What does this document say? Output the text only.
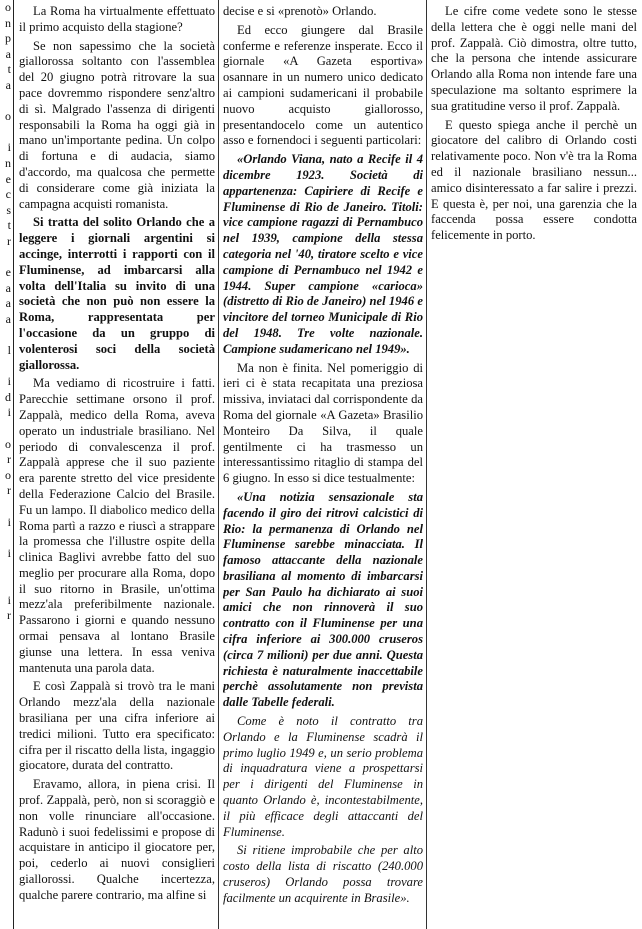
o
n
p
a
t
a
o
i
n
e
c
s
t
r
e
a
a
a
l
i
d
i
o
r
o
r
i
i
i
r

La Roma ha virtualmente effettuato il primo acquisto della stagione?

Se non sapessimo che la società giallorossa soltanto con l'assemblea del 20 giugno potrà ritrovare la sua pace dovremmo rispondere senz'altro di sì. Malgrado l'assenza di dirigenti responsabili la Roma ha oggi già in mano un'importante pedina. Un colpo di fortuna e di audacia, siamo d'accordo, ma qualcosa che permette di considerare come già iniziata la campagna acquisti romanista.

Si tratta del solito Orlando che a leggere i giornali argentini si accinge, interrotti i rapporti con il Fluminense, ad imbarcarsi alla volta dell'Italia su invito di una società che non può non essere la Roma, rappresentata per l'occasione da un gruppo di volenterosi soci della società giallorossa.

Ma vediamo di ricostruire i fatti. Parecchie settimane orsono il prof. Zappalà, medico della Roma, aveva operato un industriale brasiliano. Nel periodo di convalescenza il prof. Zappalà apprese che il suo paziente era parente stretto del vice presidente della Federazione Calcio del Brasile. Fu un lampo. Il diabolico medico della Roma partì a razzo e riuscì a strappare la promessa che l'illustre ospite della clinica Baglivi avrebbe fatto del suo meglio per procurare alla Roma, dopo il suo ritorno in Brasile, un'ottima mezz'ala preferibilmente nazionale. Passarono i giorni e quando nessuno ormai pensava al lontano Brasile giunse una lettera. In essa veniva mantenuta una parola data.

E così Zappalà si trovò tra le mani Orlando mezz'ala della nazionale brasiliana per una cifra inferiore ai tredici milioni. Tutto era specificato: cifra per il riscatto della lista, ingaggio giocatore, durata del contratto.

Eravamo, allora, in piena crisi. Il prof. Zappalà, però, non si scoraggiò e non volle rinunciare all'occasione. Radunò i suoi fedelissimi e propose di acquistare in anticipo il giocatore per, poi, cederlo ai nuovi consiglieri giallorossi. Qualche incertezza, qualche parere contrario, ma alfine si

decise e si «prenotò» Orlando.

Ed ecco giungere dal Brasile conferme e referenze insperate. Ecco il giornale «A Gazeta esportiva» osannare in un numero unico dedicato ai campioni sudamericani il probabile nuovo acquisto giallorosso, presentandocelo come un autentico asso e fornendoci i seguenti particolari:

«Orlando Viana, nato a Recife il 4 dicembre 1923. Società di appartenenza: Capiriere di Recife e Fluminense di Rio de Janeiro. Titoli: vice campione ragazzi di Pernambuco nel 1939, campione della stessa categoria nel '40, tiratore scelto e vice campione di Pernambuco nel 1942 e 1944. Super campione «carioca» (distretto di Rio de Janeiro) nel 1946 e vincitore del torneo Municipale di Rio del 1948. Tre volte nazionale. Campione sudamericano nel 1949».

Ma non è finita. Nel pomeriggio di ieri ci è stata recapitata una preziosa missiva, inviataci dal corrispondente da Roma del giornale «A Gazeta» Brasilio Monteiro Da Silva, il quale gentilmente ci ha trasmesso un interessantissimo ritaglio di stampa del 6 giugno. In esso si dice testualmente:

«Una notizia sensazionale sta facendo il giro dei ritrovi calcistici di Rio: la permanenza di Orlando nel Fluminense sarebbe minacciata. Il famoso attaccante della nazionale brasiliana al momento di imbarcarsi per San Paulo ha dichiarato ai suoi amici che non rinnoverà il suo contratto con il Fluminense per una cifra inferiore ai 300.000 cruseros (circa 7 milioni) per due anni. Questa richiesta è naturalmente inaccettabile perchè assolutamente non prevista dalle Tabelle federali.

Come è noto il contratto tra Orlando e la Fluminense scadrà il primo luglio 1949 e, un serio problema di inquadratura viene a prospettarsi per i dirigenti del Fluminense in quanto Orlando è, incontestabilmente, il più efficace degli attaccanti del Fluminense.

Si ritiene improbabile che per alto costo della lista di riscatto (240.000 cruseros) Orlando possa trovare facilmente un acquirente in Brasile».

Le cifre come vedete sono le stesse della lettera che è oggi nelle mani del prof. Zappalà. Ciò dimostra, oltre tutto, che la persona che intende assicurare Orlando alla Roma non intende fare una speculazione ma soltanto esprimere la sua gratitudine verso il prof. Zappalà.

E questo spiega anche il perchè un giocatore del calibro di Orlando costi relativamente poco. Non v'è tra la Roma ed il nazionale brasiliano nessun... amico disinteressato a far salire i prezzi. E questa è, per noi, una garenzia che la faccenda possa essere condotta felicemente in porto.
